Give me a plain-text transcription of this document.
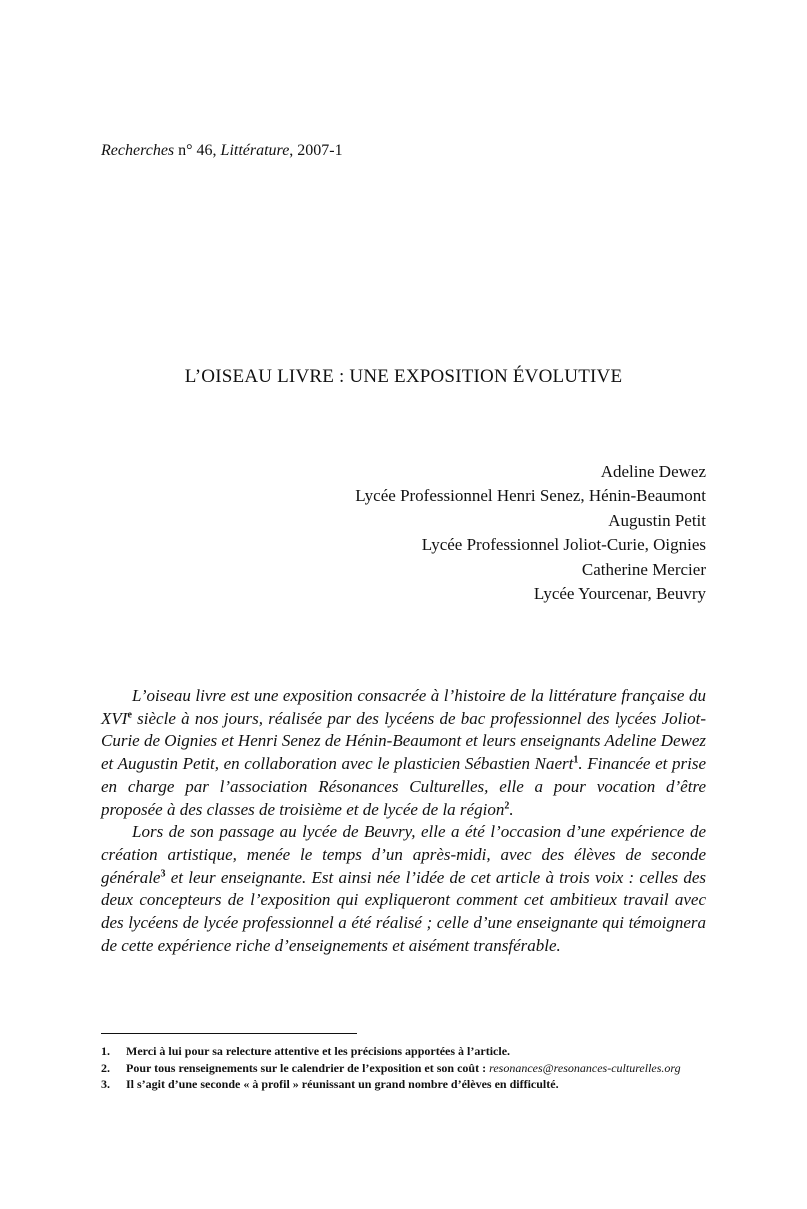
Recherches n° 46, Littérature, 2007-1
L’OISEAU LIVRE : UNE EXPOSITION ÉVOLUTIVE
Adeline Dewez
Lycée Professionnel Henri Senez, Hénin-Beaumont
Augustin Petit
Lycée Professionnel Joliot-Curie, Oignies
Catherine Mercier
Lycée Yourcenar, Beuvry

L’oiseau livre est une exposition consacrée à l’histoire de la littérature française du XVIe siècle à nos jours, réalisée par des lycéens de bac professionnel des lycées Joliot-Curie de Oignies et Henri Senez de Hénin-Beaumont et leurs enseignants Adeline Dewez et Augustin Petit, en collaboration avec le plasticien Sébastien Naert$^1$. Financée et prise en charge par l’association Résonances Culturelles, elle a pour vocation d’être proposée à des classes de troisième et de lycée de la région$^2$.

Lors de son passage au lycée de Beuvry, elle a été l’occasion d’une expérience de création artistique, menée le temps d’un après-midi, avec des élèves de seconde générale$^3$ et leur enseignante. Est ainsi née l’idée de cet article à trois voix : celles des deux concepteurs de l’exposition qui expliqueront comment cet ambitieux travail avec des lycéens de lycée professionnel a été réalisé ; celle d’une enseignante qui témoignera de cette expérience riche d’enseignements et aisément transférable.

1.	Merci à lui pour sa relecture attentive et les précisions apportées à l’article.
2.	Pour tous renseignements sur le calendrier de l’exposition et son coût : resonances@resonances-culturelles.org
3.	Il s’agit d’une seconde « à profil » réunissant un grand nombre d’élèves en difficulté.
